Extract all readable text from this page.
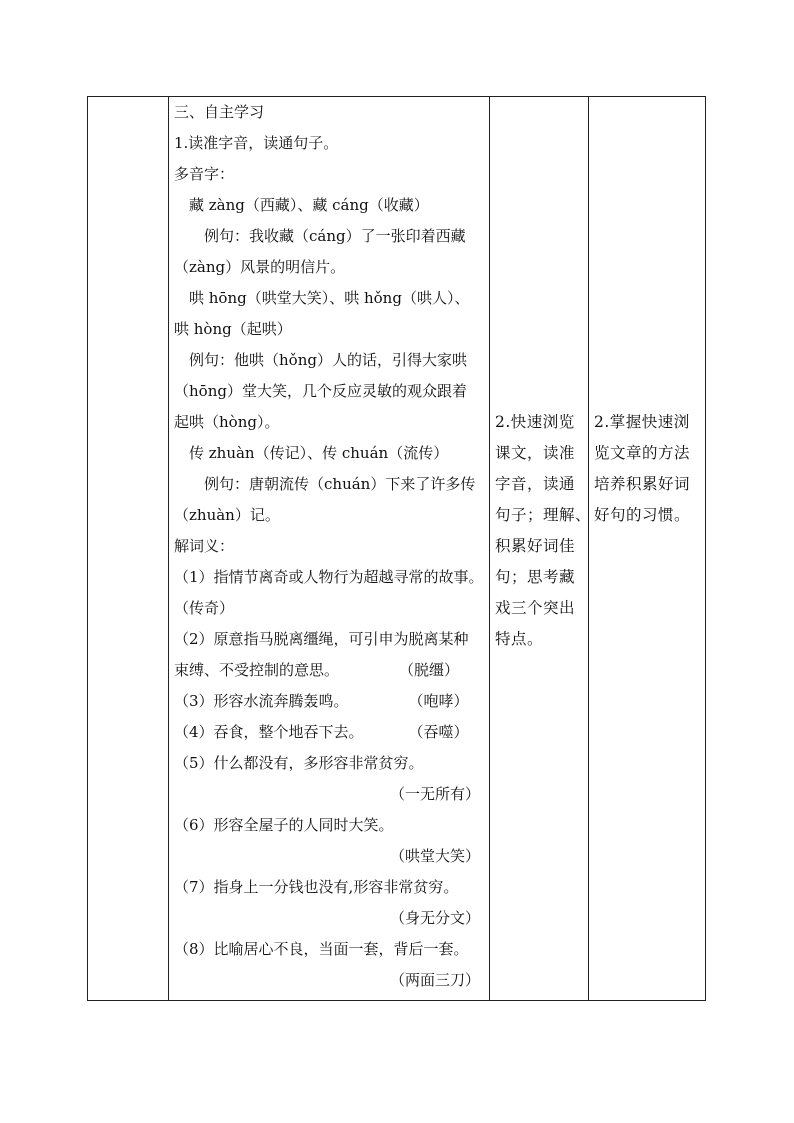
三、自主学习
1.读准字音，读通句子。
多音字：
　藏 zàng（西藏）、藏 cáng（收藏）
　　例句：我收藏（cáng）了一张印着西藏
（zàng）风景的明信片。
　哄 hōng（哄堂大笑）、哄 hǒng（哄人）、
哄 hòng（起哄）
　例句：他哄（hǒng）人的话，引得大家哄
（hōng）堂大笑，几个反应灵敏的观众跟着
起哄（hòng）。
　传 zhuàn（传记）、传 chuán（流传）
　　例句：唐朝流传（chuán）下来了许多传
（zhuàn）记。
解词义：
（1）指情节离奇或人物行为超越寻常的故事。
（传奇）
（2）原意指马脱离缰绳，可引申为脱离某种
束缚、不受控制的意思。　　　　　（脱缰）
（3）形容水流奔腾轰鸣。　　　　　（咆哮）
（4）吞食，整个地吞下去。　　　　（吞噬）
（5）什么都没有，多形容非常贫穷。
（一无所有）
（6）形容全屋子的人同时大笑。
（哄堂大笑）
（7）指身上一分钱也没有,形容非常贫穷。
（身无分文）
（8）比喻居心不良，当面一套，背后一套。
（两面三刀）
2.快速浏览
课文，读准
字音，读通
句子；理解、
积累好词佳
句；思考藏
戏三个突出
特点。
2.掌握快速浏
览文章的方法
培养积累好词
好句的习惯。
